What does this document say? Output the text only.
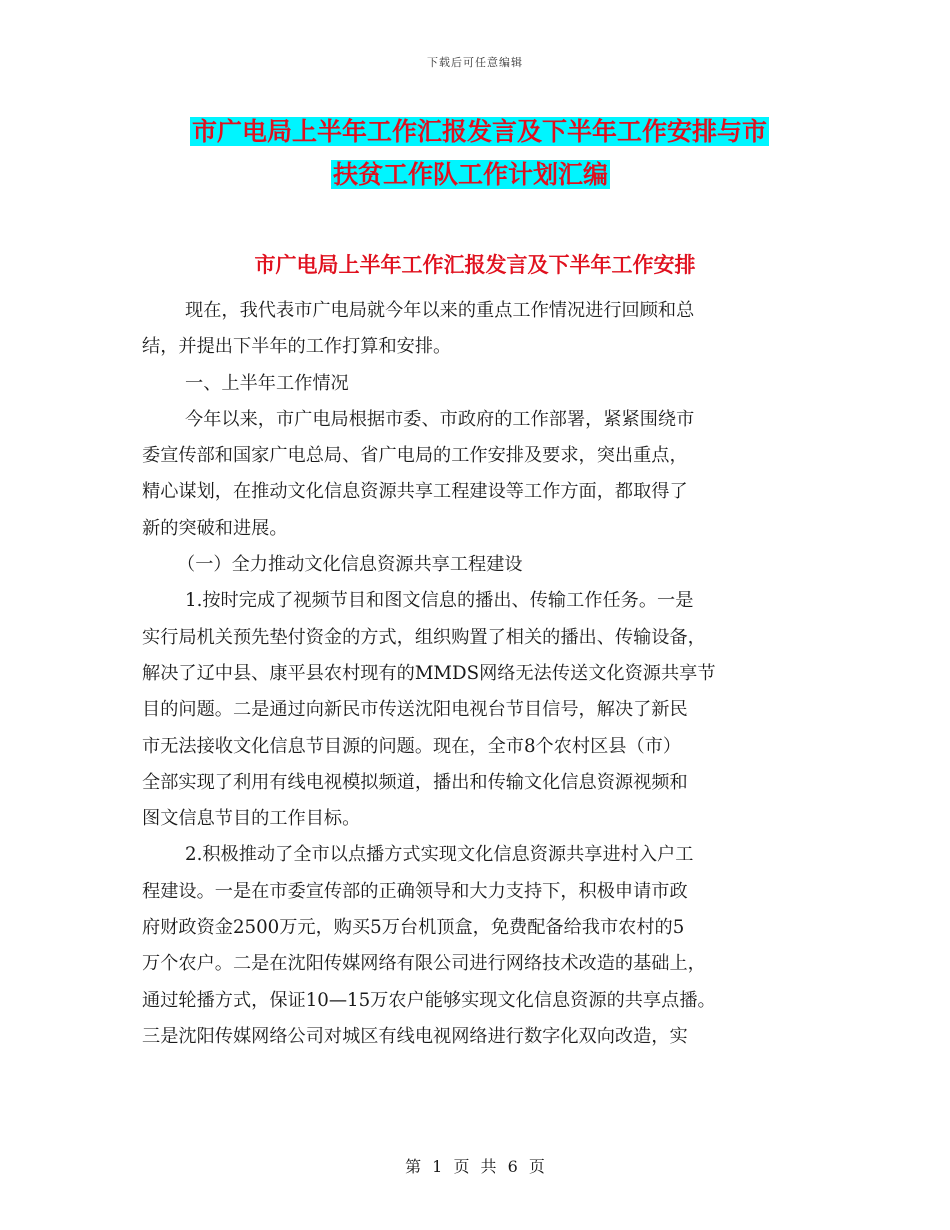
下载后可任意编辑
市广电局上半年工作汇报发言及下半年工作安排与市
扶贫工作队工作计划汇编
市广电局上半年工作汇报发言及下半年工作安排
现在，我代表市广电局就今年以来的重点工作情况进行回顾和总
结，并提出下半年的工作打算和安排。
一、上半年工作情况
今年以来，市广电局根据市委、市政府的工作部署，紧紧围绕市
委宣传部和国家广电总局、省广电局的工作安排及要求，突出重点，
精心谋划，在推动文化信息资源共享工程建设等工作方面，都取得了
新的突破和进展。
（一）全力推动文化信息资源共享工程建设
1.按时完成了视频节目和图文信息的播出、传输工作任务。一是
实行局机关预先垫付资金的方式，组织购置了相关的播出、传输设备，
解决了辽中县、康平县农村现有的MMDS网络无法传送文化资源共享节
目的问题。二是通过向新民市传送沈阳电视台节目信号，解决了新民
市无法接收文化信息节目源的问题。现在，全市8个农村区县（市）
全部实现了利用有线电视模拟频道，播出和传输文化信息资源视频和
图文信息节目的工作目标。
2.积极推动了全市以点播方式实现文化信息资源共享进村入户工
程建设。一是在市委宣传部的正确领导和大力支持下，积极申请市政
府财政资金2500万元，购买5万台机顶盒，免费配备给我市农村的5
万个农户。二是在沈阳传媒网络有限公司进行网络技术改造的基础上，
通过轮播方式，保证10—15万农户能够实现文化信息资源的共享点播。
三是沈阳传媒网络公司对城区有线电视网络进行数字化双向改造，实
第 1 页 共 6 页
